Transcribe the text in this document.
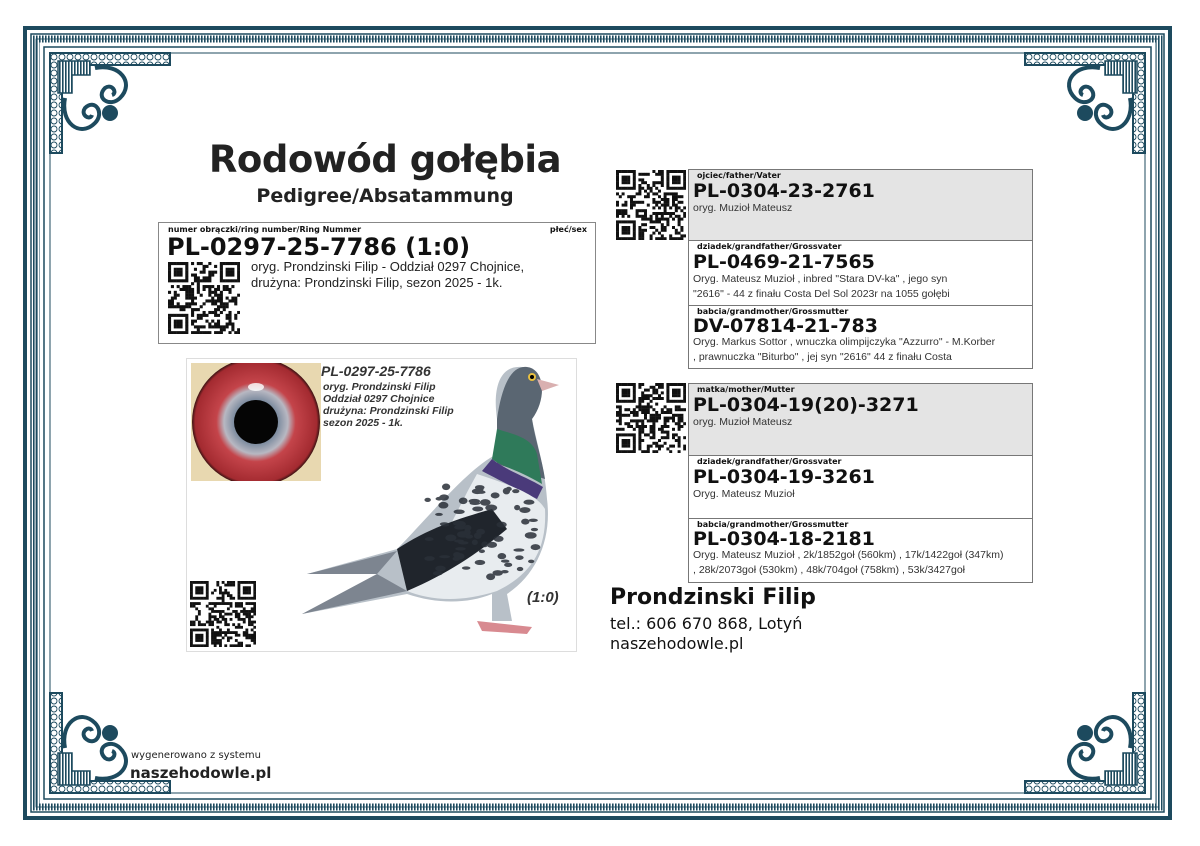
Rodowód gołębia
Pedigree/Absatammung
numer obrączki/ring number/Ring Nummer	płeć/sex
PL-0297-25-7786 (1:0)
oryg. Prondzinski Filip - Oddział 0297 Chojnice,
drużyna: Prondzinski Filip, sezon 2025 - 1k.
PL-0297-25-7786
oryg. Prondzinski Filip
Oddział 0297 Chojnice
drużyna: Prondzinski Filip
sezon 2025 - 1k.
(1:0)
ojciec/father/Vater
PL-0304-23-2761
oryg. Muzioł Mateusz
dziadek/grandfather/Grossvater
PL-0469-21-7565
Oryg. Mateusz Muzioł , inbred "Stara DV-ka" , jego syn
"2616" - 44 z finału Costa Del Sol 2023r na 1055 gołębi
babcia/grandmother/Grossmutter
DV-07814-21-783
Oryg. Markus Sottor , wnuczka olimpijczyka "Azzurro" - M.Korber
, prawnuczka "Biturbo" , jej syn "2616" 44 z finału Costa
matka/mother/Mutter
PL-0304-19(20)-3271
oryg. Muzioł Mateusz
dziadek/grandfather/Grossvater
PL-0304-19-3261
Oryg. Mateusz Muzioł
babcia/grandmother/Grossmutter
PL-0304-18-2181
Oryg. Mateusz Muzioł , 2k/1852goł (560km) , 17k/1422goł (347km)
, 28k/2073goł (530km) , 48k/704goł (758km) , 53k/3427goł
Prondzinski Filip
tel.: 606 670 868, Lotyń
naszehodowle.pl
wygenerowano z systemu
naszehodowle.pl
